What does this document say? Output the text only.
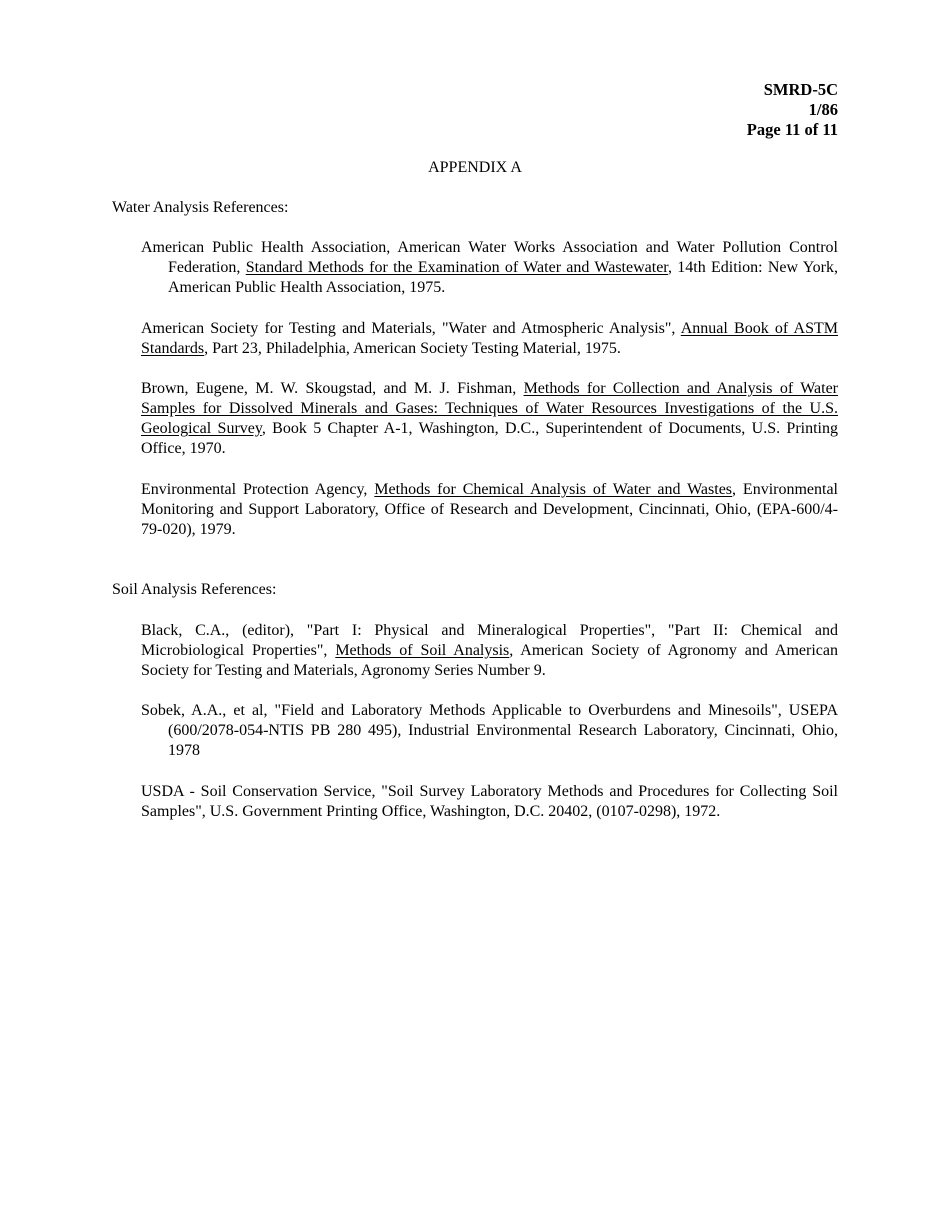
SMRD-5C
1/86
Page 11 of 11
APPENDIX A
Water Analysis References:

American Public Health Association, American Water Works Association and Water Pollution Control Federation, Standard Methods for the Examination of Water and Wastewater, 14th Edition: New York, American Public Health Association, 1975.

American Society for Testing and Materials, "Water and Atmospheric Analysis", Annual Book of ASTM Standards, Part 23, Philadelphia, American Society Testing Material, 1975.

Brown, Eugene, M. W. Skougstad, and M. J. Fishman, Methods for Collection and Analysis of Water Samples for Dissolved Minerals and Gases: Techniques of Water Resources Investigations of the U.S. Geological Survey, Book 5 Chapter A-1, Washington, D.C., Superintendent of Documents, U.S. Printing Office, 1970.

Environmental Protection Agency, Methods for Chemical Analysis of Water and Wastes, Environmental Monitoring and Support Laboratory, Office of Research and Development, Cincinnati, Ohio, (EPA-600/4-79-020), 1979.

Soil Analysis References:

Black, C.A., (editor), "Part I: Physical and Mineralogical Properties", "Part II: Chemical and Microbiological Properties", Methods of Soil Analysis, American Society of Agronomy and American Society for Testing and Materials, Agronomy Series Number 9.

Sobek, A.A., et al, "Field and Laboratory Methods Applicable to Overburdens and Minesoils", USEPA (600/2078-054-NTIS PB 280 495), Industrial Environmental Research Laboratory, Cincinnati, Ohio, 1978

USDA - Soil Conservation Service, "Soil Survey Laboratory Methods and Procedures for Collecting Soil Samples", U.S. Government Printing Office, Washington, D.C. 20402, (0107-0298), 1972.
